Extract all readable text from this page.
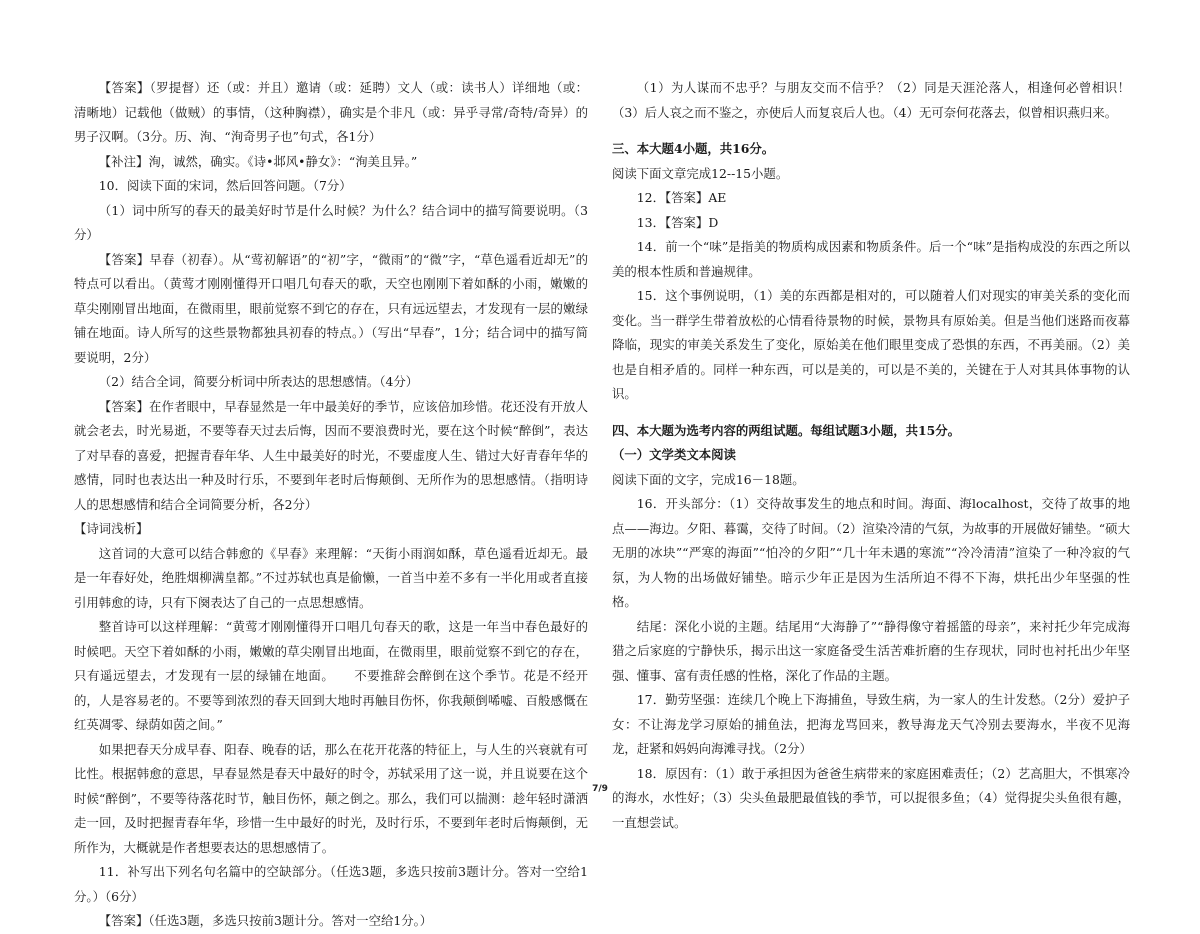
【答案】（罗提督）还（或：并且）邀请（或：延聘）文人（或：读书人）详细地（或：清晰地）记载他（做贼）的事情，（这种胸襟），确实是个非凡（或：异乎寻常/奇特/奇异）的男子汉啊。（3分。历、洵、“洵奇男子也”句式，各1分）

【补注】洵，诚然，确实。《诗•邶风•静女》：“洵美且异。”

10．阅读下面的宋词，然后回答问题。（7分）

（1）词中所写的春天的最美好时节是什么时候？为什么？结合词中的描写简要说明。（3分）

【答案】早春（初春）。从“莺初解语”的“初”字，“微雨”的“微”字，“草色遥看近却无”的特点可以看出。（黄莺才刚刚懂得开口唱几句春天的歌，天空也刚刚下着如酥的小雨，嫩嫩的草尖刚刚冒出地面，在微雨里，眼前觉察不到它的存在，只有远远望去，才发现有一层的嫩绿铺在地面。诗人所写的这些景物都独具初春的特点。）（写出“早春”，1分；结合词中的描写简要说明，2分）

（2）结合全词，简要分析词中所表达的思想感情。（4分）

【答案】在作者眼中，早春显然是一年中最美好的季节，应该倍加珍惜。花还没有开放人就会老去，时光易逝，不要等春天过去后悔，因而不要浪费时光，要在这个时候“醉倒”，表达了对早春的喜爱，把握青春年华、人生中最美好的时光，不要虚度人生、错过大好青春年华的感情，同时也表达出一种及时行乐，不要到年老时后悔颠倒、无所作为的思想感情。（指明诗人的思想感情和结合全词简要分析，各2分）

【诗词浅析】

这首词的大意可以结合韩愈的《早春》来理解：“天街小雨润如酥，草色遥看近却无。最是一年春好处，绝胜烟柳满皇都。”不过苏轼也真是偷懒，一首当中差不多有一半化用或者直接引用韩愈的诗，只有下阕表达了自己的一点思想感情。

整首诗可以这样理解：“黄莺才刚刚懂得开口唱几句春天的歌，这是一年当中春色最好的时候吧。天空下着如酥的小雨，嫩嫩的草尖刚冒出地面，在微雨里，眼前觉察不到它的存在，只有遥远望去，才发现有一层的绿铺在地面。　　不要推辞会醉倒在这个季节。花是不经开的，人是容易老的。不要等到浓烈的春天回到大地时再触目伤怀，你我颠倒唏嘘、百般感慨在红英凋零、绿荫如茵之间。”

如果把春天分成早春、阳春、晚春的话，那么在花开花落的特征上，与人生的兴衰就有可比性。根据韩愈的意思，早春显然是春天中最好的时令，苏轼采用了这一说，并且说要在这个时候“醉倒”，不要等待落花时节，触目伤怀，颠之倒之。那么，我们可以揣测：趁年轻时潇洒走一回，及时把握青春年华，珍惜一生中最好的时光，及时行乐，不要到年老时后悔颠倒，无所作为，大概就是作者想要表达的思想感情了。

11．补写出下列名句名篇中的空缺部分。（任选3题，多选只按前3题计分。答对一空给1分。）（6分）

【答案】（任选3题，多选只按前3题计分。答对一空给1分。）

（1）为人谋而不忠乎？与朋友交而不信乎？（2）同是天涯沦落人，相逢何必曾相识！（3）后人哀之而不鉴之，亦使后人而复哀后人也。（4）无可奈何花落去，似曾相识燕归来。

三、本大题4小题，共16分。

阅读下面文章完成12--15小题。

12．【答案】AE

13．【答案】D

14．前一个“味”是指美的物质构成因素和物质条件。后一个“味”是指构成没的东西之所以美的根本性质和普遍规律。

15．这个事例说明，（1）美的东西都是相对的，可以随着人们对现实的审美关系的变化而变化。当一群学生带着放松的心情看待景物的时候，景物具有原始美。但是当他们迷路而夜幕降临，现实的审美关系发生了变化，原始美在他们眼里变成了恐惧的东西，不再美丽。（2）美也是自相矛盾的。同样一种东西，可以是美的，可以是不美的，关键在于人对其具体事物的认识。

四、本大题为选考内容的两组试题。每组试题3小题，共15分。

（一）文学类文本阅读

阅读下面的文字，完成16－18题。

16．开头部分：（1）交待故事发生的地点和时间。海面、海localhost，交待了故事的地点——海边。夕阳、暮霭，交待了时间。（2）渲染冷清的气氛，为故事的开展做好铺垫。“硕大无朋的冰块”“严寒的海面”“怕冷的夕阳”“几十年未遇的寒流”“冷冷清清”渲染了一种冷寂的气氛，为人物的出场做好铺垫。暗示少年正是因为生活所迫不得不下海，烘托出少年坚强的性格。

结尾：深化小说的主题。结尾用“大海静了”“静得像守着摇篮的母亲”，来衬托少年完成海猎之后家庭的宁静快乐，揭示出这一家庭备受生活苦难折磨的生存现状，同时也衬托出少年坚强、懂事、富有责任感的性格，深化了作品的主题。

17．勤劳坚强：连续几个晚上下海捕鱼，导致生病，为一家人的生计发愁。（2分）爱护子女：不让海龙学习原始的捕鱼法，把海龙骂回来，教导海龙天气冷别去要海水，半夜不见海龙，赶紧和妈妈向海滩寻找。（2分）

18．原因有：（1）敢于承担因为爸爸生病带来的家庭困难责任；（2）艺高胆大，不惧寒冷的海水，水性好；（3）尖头鱼最肥最值钱的季节，可以捉很多鱼；（4）觉得捉尖头鱼很有趣，一直想尝试。

7/9
